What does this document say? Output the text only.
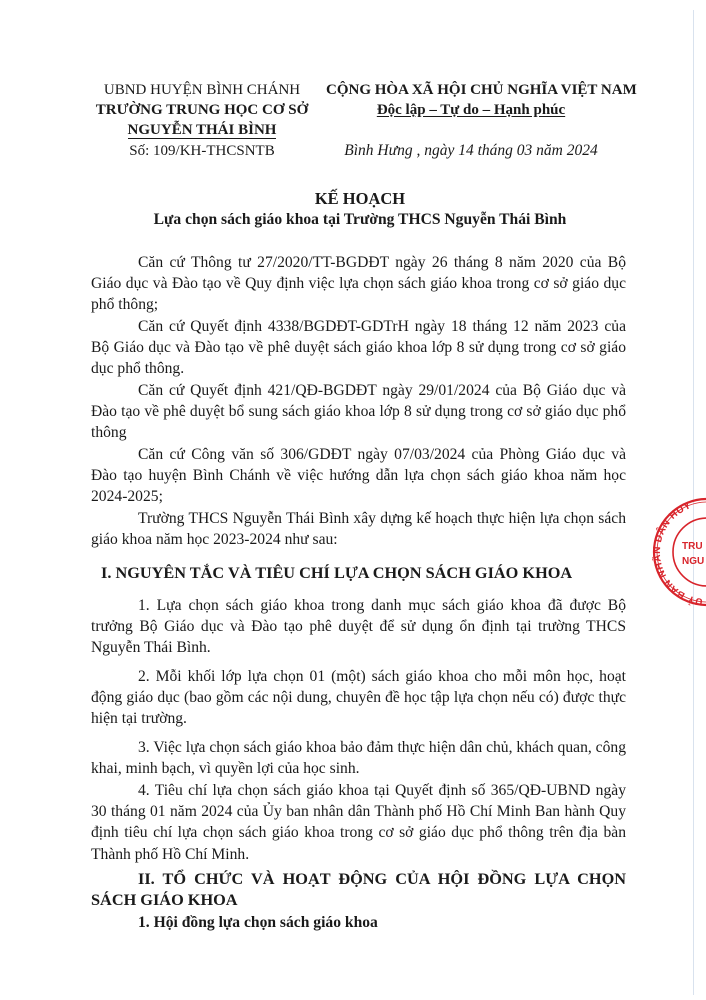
UBND HUYỆN BÌNH CHÁNH
TRƯỜNG TRUNG HỌC CƠ SỞ
NGUYỄN THÁI BÌNH
Số: 109/KH-THCSNTB
CỘNG HÒA XÃ HỘI CHỦ NGHĨA VIỆT NAM
Độc lập – Tự do – Hạnh phúc
Bình Hưng , ngày 14 tháng 03 năm 2024
KẾ HOẠCH
Lựa chọn sách giáo khoa tại Trường THCS Nguyễn Thái Bình
Căn cứ Thông tư 27/2020/TT-BGDĐT ngày 26 tháng 8 năm 2020 của Bộ Giáo dục và Đào tạo về Quy định việc lựa chọn sách giáo khoa trong cơ sở giáo dục phổ thông;
Căn cứ Quyết định 4338/BGDĐT-GDTrH ngày 18 tháng 12 năm 2023 của Bộ Giáo dục và Đào tạo về phê duyệt sách giáo khoa lớp 8 sử dụng trong cơ sở giáo dục phổ thông.
Căn cứ Quyết định 421/QĐ-BGDĐT ngày 29/01/2024 của Bộ Giáo dục và Đào tạo về phê duyệt bổ sung sách giáo khoa lớp 8 sử dụng trong cơ sở giáo dục phổ thông
Căn cứ Công văn số 306/GDĐT ngày 07/03/2024 của Phòng Giáo dục và Đào tạo huyện Bình Chánh về việc hướng dẫn lựa chọn sách giáo khoa năm học 2024-2025;
Trường THCS Nguyễn Thái Bình xây dựng kế hoạch thực hiện lựa chọn sách giáo khoa năm học 2023-2024 như sau:
I. NGUYÊN TẮC VÀ TIÊU CHÍ LỰA CHỌN SÁCH GIÁO KHOA
1. Lựa chọn sách giáo khoa trong danh mục sách giáo khoa đã được Bộ trưởng Bộ Giáo dục và Đào tạo phê duyệt để sử dụng ổn định tại trường THCS Nguyễn Thái Bình.
2. Mỗi khối lớp lựa chọn 01 (một) sách giáo khoa cho mỗi môn học, hoạt động giáo dục (bao gồm các nội dung, chuyên đề học tập lựa chọn nếu có) được thực hiện tại trường.
3. Việc lựa chọn sách giáo khoa bảo đảm thực hiện dân chủ, khách quan, công khai, minh bạch, vì quyền lợi của học sinh.
4. Tiêu chí lựa chọn sách giáo khoa tại Quyết định số 365/QĐ-UBND ngày 30 tháng 01 năm 2024 của Ủy ban nhân dân Thành phố Hồ Chí Minh Ban hành Quy định tiêu chí lựa chọn sách giáo khoa trong cơ sở giáo dục phổ thông trên địa bàn Thành phố Hồ Chí Minh.
II. TỔ CHỨC VÀ HOẠT ĐỘNG CỦA HỘI ĐỒNG LỰA CHỌN SÁCH GIÁO KHOA
1. Hội đồng lựa chọn sách giáo khoa
UỶ BAN NHÂN DÂN HUY
TRU
NGU
